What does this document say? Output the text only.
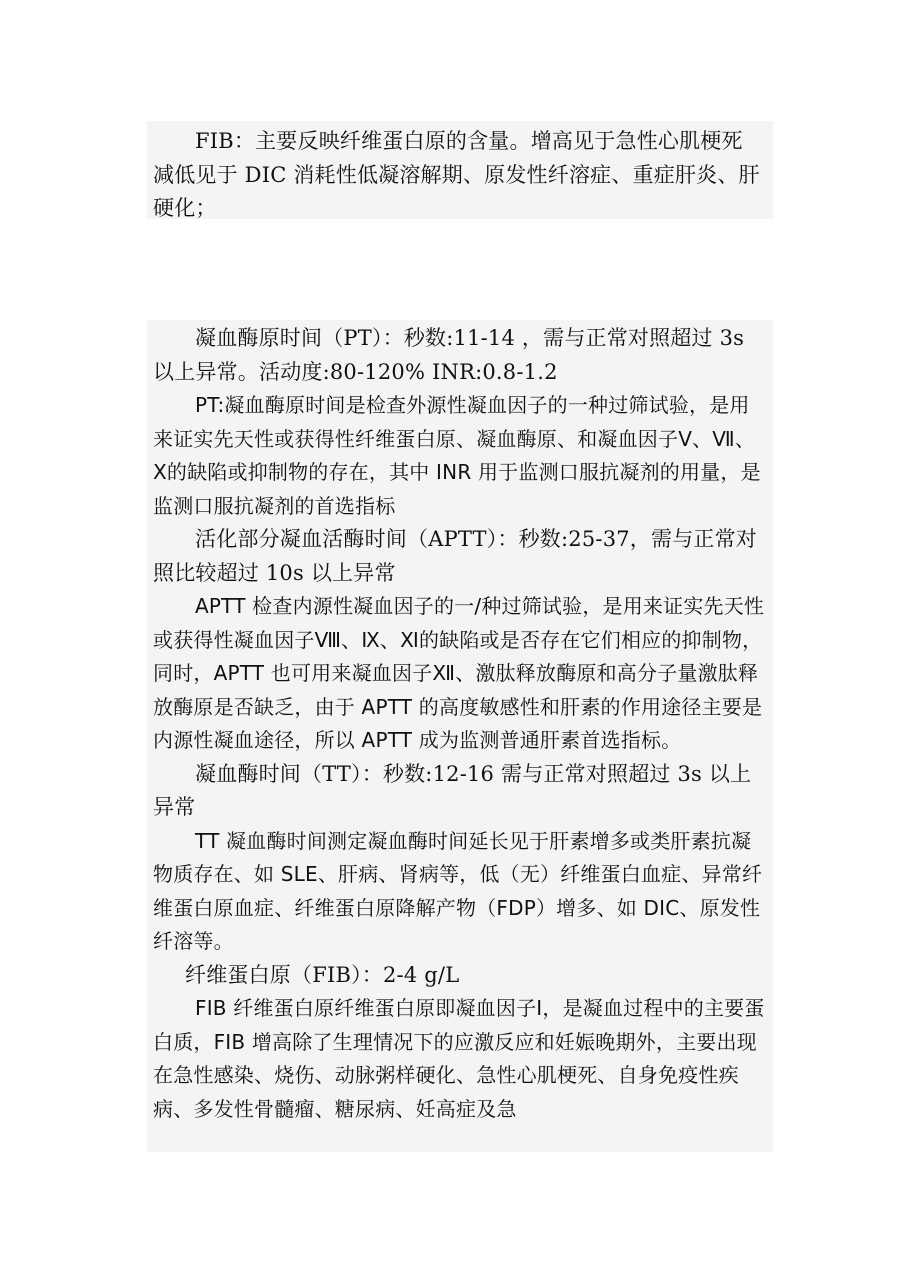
FIB：主要反映纤维蛋白原的含量。增高见于急性心肌梗死 减低见于 DIC 消耗性低凝溶解期、原发性纤溶症、重症肝炎、肝硬化；

凝血酶原时间（PT）：秒数:11-14 ，需与正常对照超过 3s 以上异常。活动度:80-120% INR:0.8-1.2

PT:凝血酶原时间是检查外源性凝血因子的一种过筛试验，是用来证实先天性或获得性纤维蛋白原、凝血酶原、和凝血因子Ⅴ、Ⅶ、Ⅹ的缺陷或抑制物的存在，其中 INR 用于监测口服抗凝剂的用量，是监测口服抗凝剂的首选指标

活化部分凝血活酶时间（APTT）：秒数:25-37，需与正常对照比较超过 10s 以上异常

APTT 检查内源性凝血因子的一/种过筛试验，是用来证实先天性或获得性凝血因子Ⅷ、Ⅸ、Ⅺ的缺陷或是否存在它们相应的抑制物，同时，APTT 也可用来凝血因子Ⅻ、激肽释放酶原和高分子量激肽释放酶原是否缺乏，由于 APTT 的高度敏感性和肝素的作用途径主要是内源性凝血途径，所以 APTT 成为监测普通肝素首选指标。

凝血酶时间（TT）：秒数:12-16 需与正常对照超过 3s 以上异常

TT 凝血酶时间测定凝血酶时间延长见于肝素增多或类肝素抗凝物质存在、如 SLE、肝病、肾病等，低（无）纤维蛋白血症、异常纤维蛋白原血症、纤维蛋白原降解产物（FDP）增多、如 DIC、原发性纤溶等。

纤维蛋白原（FIB）：2-4 g/L

FIB 纤维蛋白原纤维蛋白原即凝血因子Ⅰ，是凝血过程中的主要蛋白质，FIB 增高除了生理情况下的应激反应和妊娠晚期外，主要出现在急性感染、烧伤、动脉粥样硬化、急性心肌梗死、自身免疫性疾病、多发性骨髓瘤、糖尿病、妊高症及急
